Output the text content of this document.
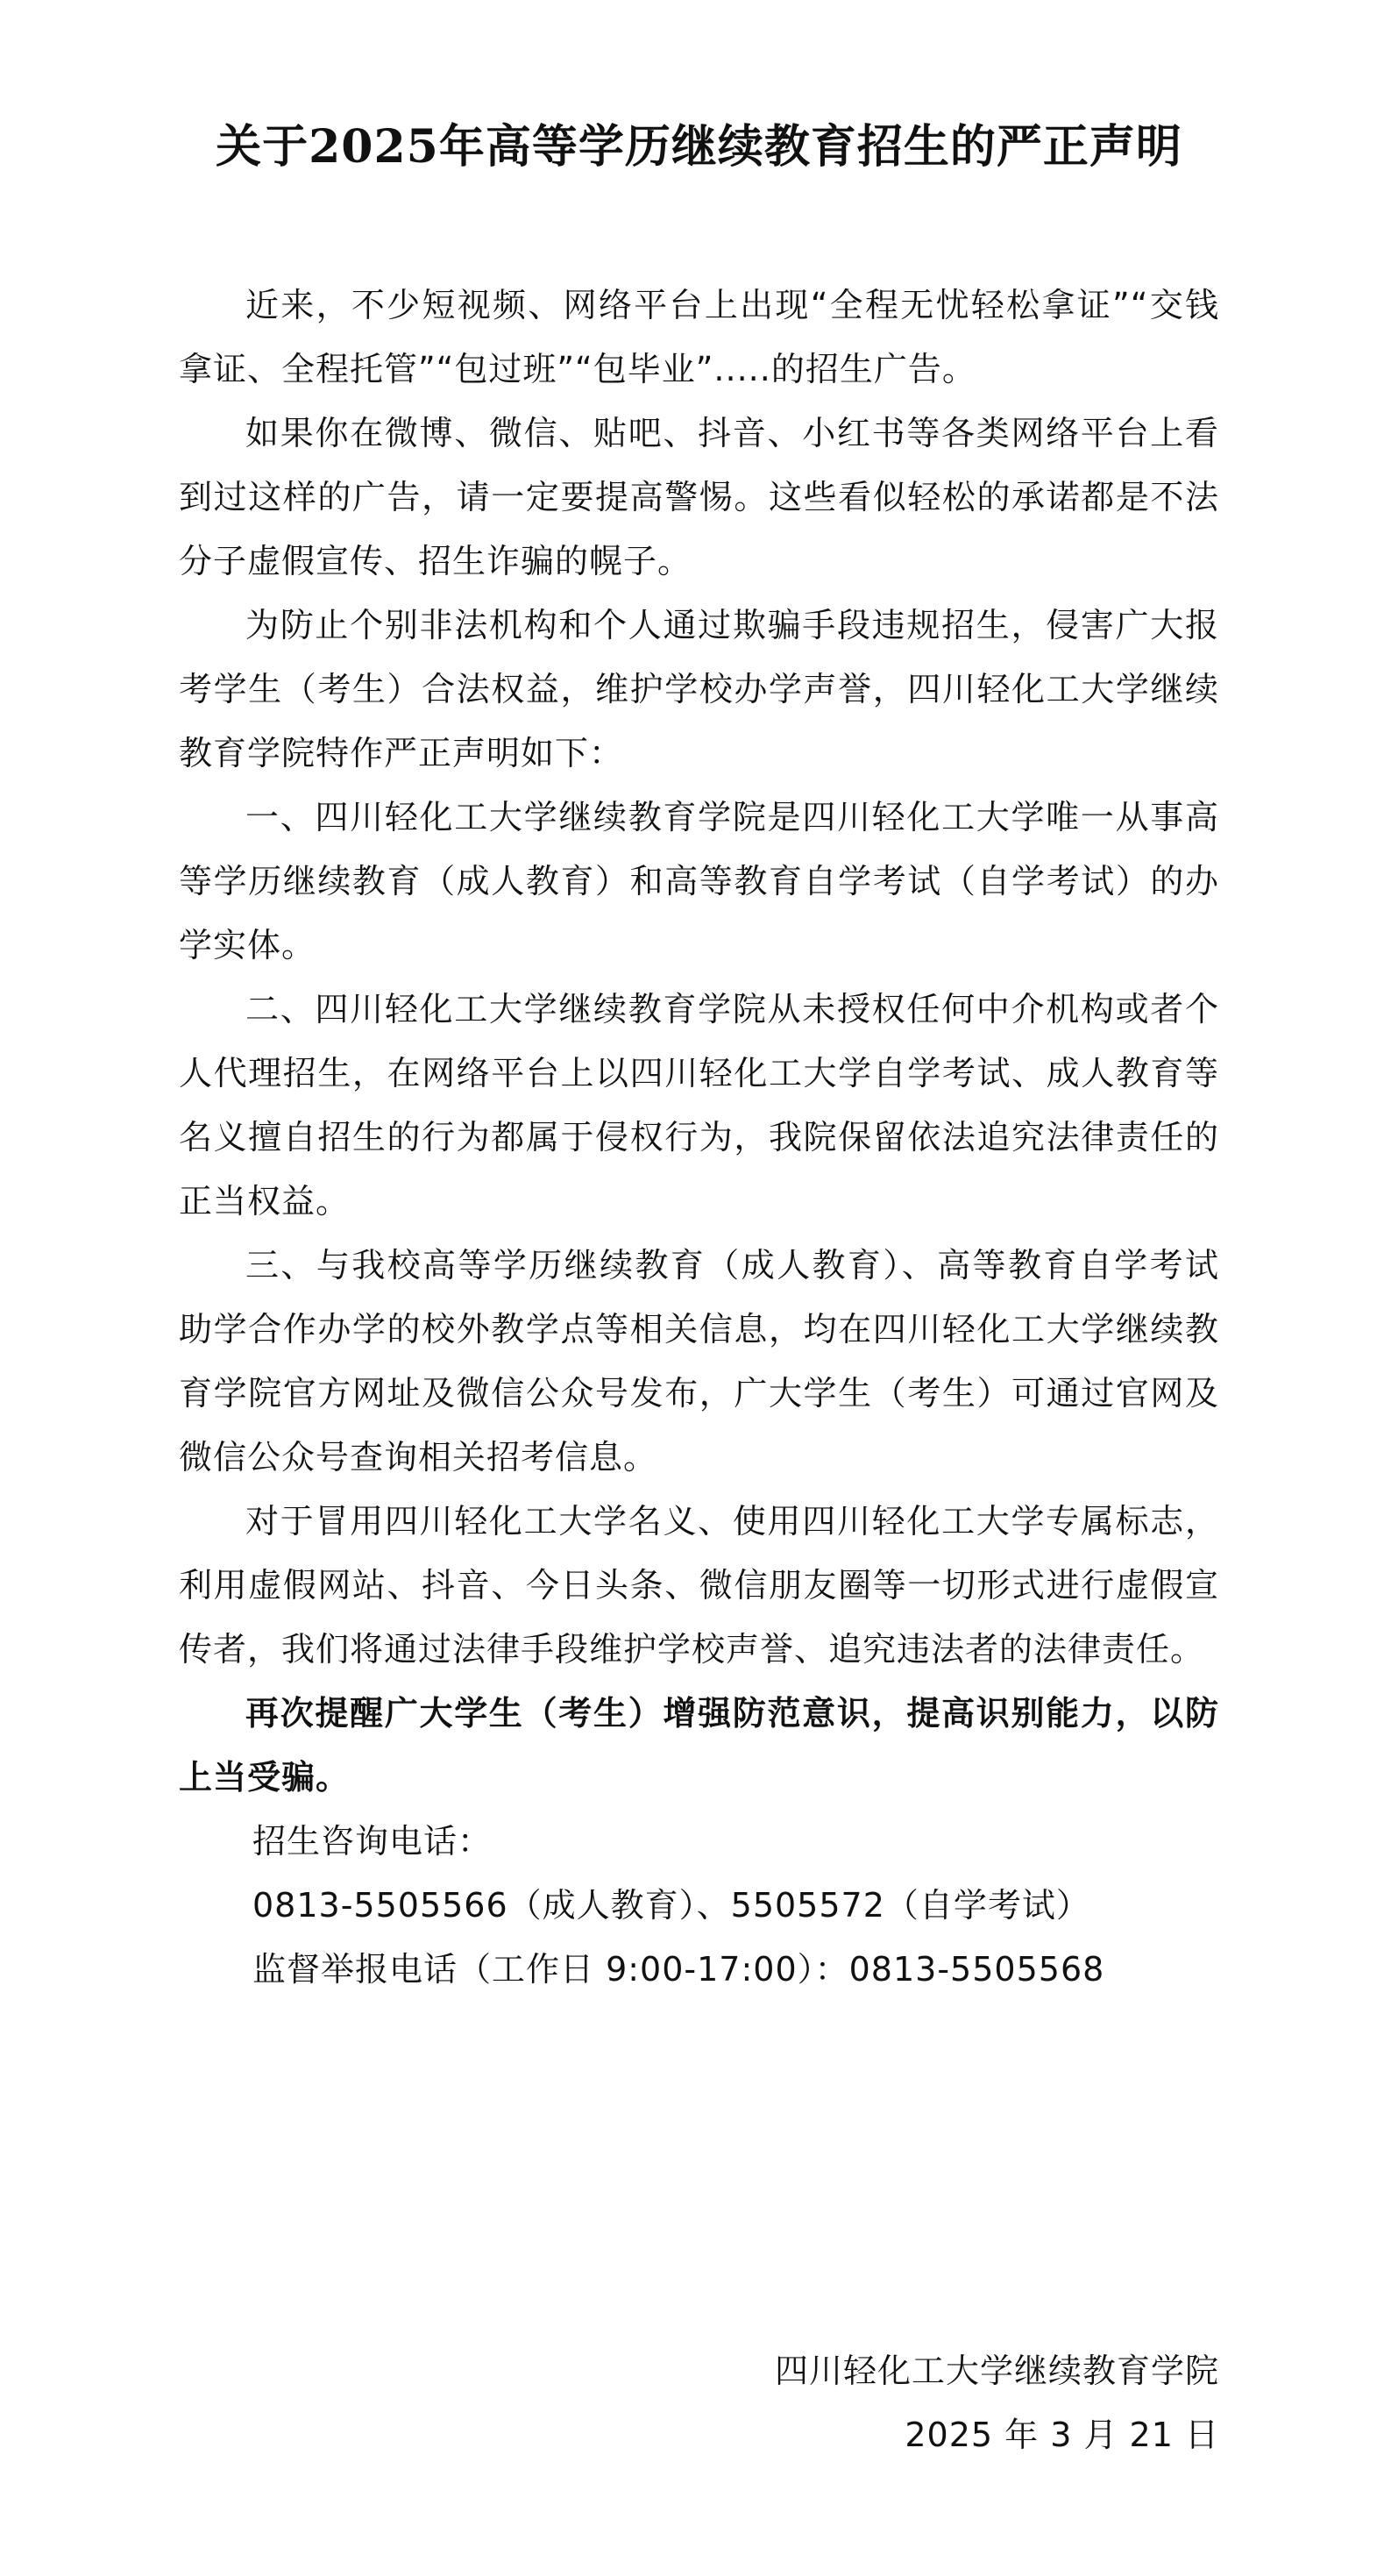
关于2025年高等学历继续教育招生的严正声明

近来，不少短视频、网络平台上出现“全程无忧轻松拿证”“交钱拿证、全程托管”“包过班”“包毕业”.....的招生广告。

如果你在微博、微信、贴吧、抖音、小红书等各类网络平台上看到过这样的广告，请一定要提高警惕。这些看似轻松的承诺都是不法分子虚假宣传、招生诈骗的幌子。

为防止个别非法机构和个人通过欺骗手段违规招生，侵害广大报考学生（考生）合法权益，维护学校办学声誉，四川轻化工大学继续教育学院特作严正声明如下：

一、四川轻化工大学继续教育学院是四川轻化工大学唯一从事高等学历继续教育（成人教育）和高等教育自学考试（自学考试）的办学实体。

二、四川轻化工大学继续教育学院从未授权任何中介机构或者个人代理招生，在网络平台上以四川轻化工大学自学考试、成人教育等名义擅自招生的行为都属于侵权行为，我院保留依法追究法律责任的正当权益。

三、与我校高等学历继续教育（成人教育）、高等教育自学考试助学合作办学的校外教学点等相关信息，均在四川轻化工大学继续教育学院官方网址及微信公众号发布，广大学生（考生）可通过官网及微信公众号查询相关招考信息。

对于冒用四川轻化工大学名义、使用四川轻化工大学专属标志，利用虚假网站、抖音、今日头条、微信朋友圈等一切形式进行虚假宣传者，我们将通过法律手段维护学校声誉、追究违法者的法律责任。

再次提醒广大学生（考生）增强防范意识，提高识别能力，以防上当受骗。

招生咨询电话：

0813-5505566（成人教育）、5505572（自学考试）

监督举报电话（工作日 9:00-17:00）：0813-5505568

四川轻化工大学继续教育学院
2025 年 3 月 21 日
